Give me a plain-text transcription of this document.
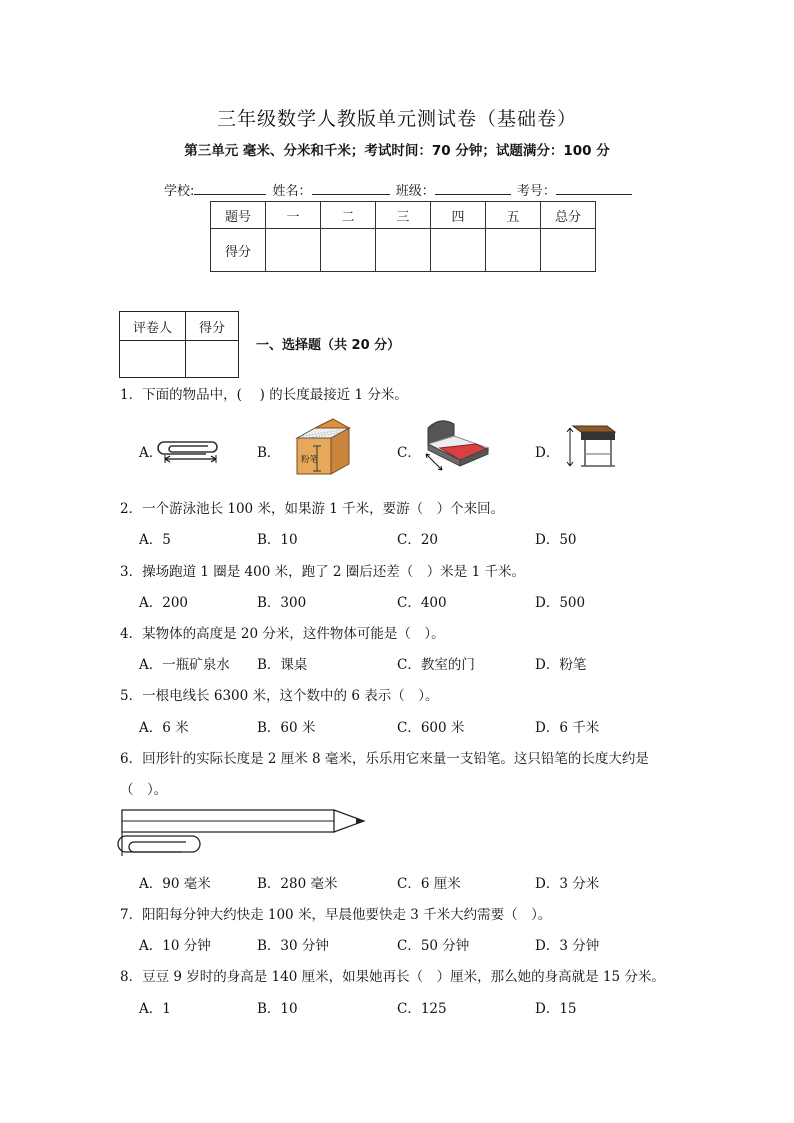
三年级数学人教版单元测试卷（基础卷）
第三单元 毫米、分米和千米；考试时间：70 分钟；试题满分：100 分
学校:	姓名：	班级：	考号：
题号	一	二	三	四	五	总分
得分						
评卷人	得分

一、选择题（共 20 分）
1．下面的物品中，(　 ) 的长度最接近 1 分米。
A．	B．	C．	D．
粉笔
2．一个游泳池长 100 米，如果游 1 千米，要游（　）个来回。
A．5	B．10	C．20	D．50
3．操场跑道 1 圈是 400 米，跑了 2 圈后还差（　）米是 1 千米。
A．200	B．300	C．400	D．500
4．某物体的高度是 20 分米，这件物体可能是（　）。
A．一瓶矿泉水 B．课桌	C．教室的门	D．粉笔
5．一根电线长 6300 米，这个数中的 6 表示（　）。
A．6 米	B．60 米	C．600 米	D．6 千米
6．回形针的实际长度是 2 厘米 8 毫米，乐乐用它来量一支铅笔。这只铅笔的长度大约是
（　）。
A．90 毫米	B．280 毫米	C．6 厘米	D．3 分米
7．阳阳每分钟大约快走 100 米，早晨他要快走 3 千米大约需要（　）。
A．10 分钟	B．30 分钟	C．50 分钟	D．3 分钟
8．豆豆 9 岁时的身高是 140 厘米，如果她再长（　）厘米，那么她的身高就是 15 分米。
A．1	B．10	C．125	D．15
